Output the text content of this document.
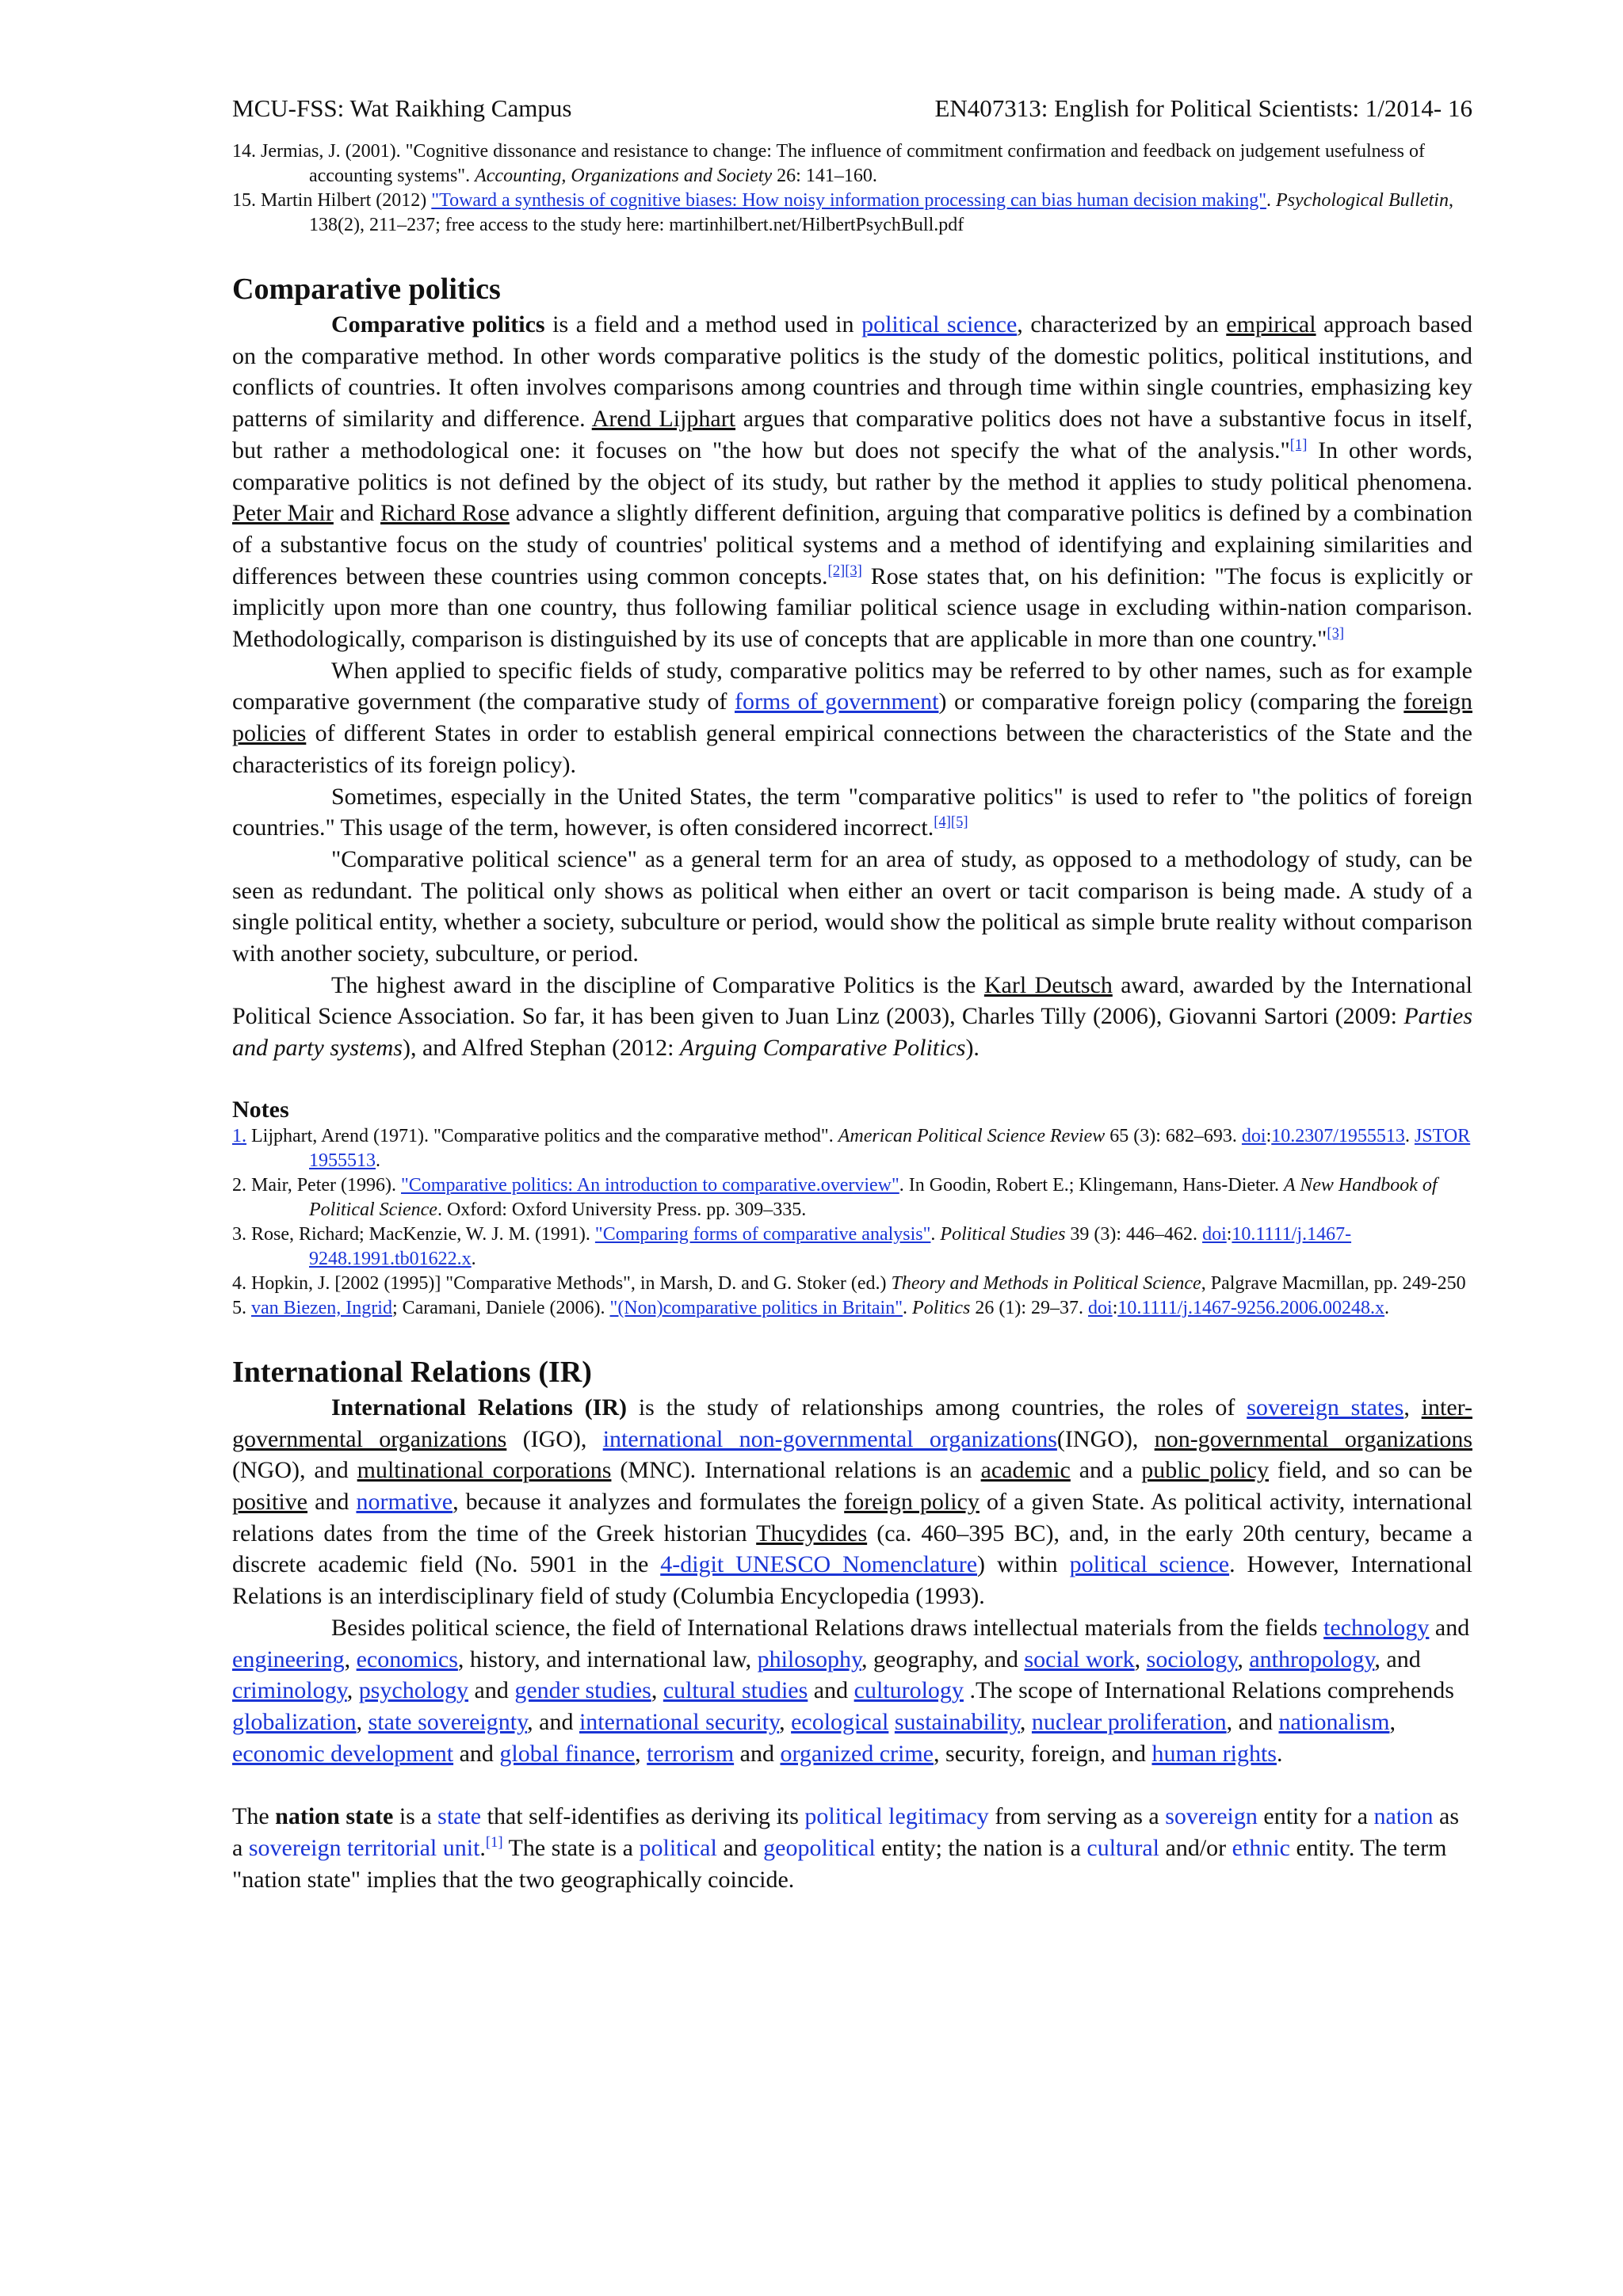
MCU-FSS: Wat Raikhing Campus	EN407313: English for Political Scientists: 1/2014- 16

14. Jermias, J. (2001). "Cognitive dissonance and resistance to change: The influence of commitment confirmation and feedback on judgement usefulness of accounting systems". Accounting, Organizations and Society 26: 141–160.

15. Martin Hilbert (2012) "Toward a synthesis of cognitive biases: How noisy information processing can bias human decision making". Psychological Bulletin, 138(2), 211–237; free access to the study here: martinhilbert.net/HilbertPsychBull.pdf

Comparative politics

Comparative politics is a field and a method used in political science, characterized by an empirical approach based on the comparative method. In other words comparative politics is the study of the domestic politics, political institutions, and conflicts of countries. It often involves comparisons among countries and through time within single countries, emphasizing key patterns of similarity and difference. Arend Lijphart argues that comparative politics does not have a substantive focus in itself, but rather a methodological one: it focuses on "the how but does not specify the what of the analysis."[1] In other words, comparative politics is not defined by the object of its study, but rather by the method it applies to study political phenomena. Peter Mair and Richard Rose advance a slightly different definition, arguing that comparative politics is defined by a combination of a substantive focus on the study of countries' political systems and a method of identifying and explaining similarities and differences between these countries using common concepts.[2][3] Rose states that, on his definition: "The focus is explicitly or implicitly upon more than one country, thus following familiar political science usage in excluding within-nation comparison. Methodologically, comparison is distinguished by its use of concepts that are applicable in more than one country."[3]

When applied to specific fields of study, comparative politics may be referred to by other names, such as for example comparative government (the comparative study of forms of government) or comparative foreign policy (comparing the foreign policies of different States in order to establish general empirical connections between the characteristics of the State and the characteristics of its foreign policy).

Sometimes, especially in the United States, the term "comparative politics" is used to refer to "the politics of foreign countries." This usage of the term, however, is often considered incorrect.[4][5]

"Comparative political science" as a general term for an area of study, as opposed to a methodology of study, can be seen as redundant. The political only shows as political when either an overt or tacit comparison is being made. A study of a single political entity, whether a society, subculture or period, would show the political as simple brute reality without comparison with another society, subculture, or period.

The highest award in the discipline of Comparative Politics is the Karl Deutsch award, awarded by the International Political Science Association. So far, it has been given to Juan Linz (2003), Charles Tilly (2006), Giovanni Sartori (2009: Parties and party systems), and Alfred Stephan (2012: Arguing Comparative Politics).

Notes

1. Lijphart, Arend (1971). "Comparative politics and the comparative method". American Political Science Review 65 (3): 682–693. doi:10.2307/1955513. JSTOR 1955513.

2. Mair, Peter (1996). "Comparative politics: An introduction to comparative.overview". In Goodin, Robert E.; Klingemann, Hans-Dieter. A New Handbook of Political Science. Oxford: Oxford University Press. pp. 309–335.

3. Rose, Richard; MacKenzie, W. J. M. (1991). "Comparing forms of comparative analysis". Political Studies 39 (3): 446–462. doi:10.1111/j.1467-9248.1991.tb01622.x.

4. Hopkin, J. [2002 (1995)] "Comparative Methods", in Marsh, D. and G. Stoker (ed.) Theory and Methods in Political Science, Palgrave Macmillan, pp. 249-250

5. van Biezen, Ingrid; Caramani, Daniele (2006). "(Non)comparative politics in Britain". Politics 26 (1): 29–37. doi:10.1111/j.1467-9256.2006.00248.x.

International Relations (IR)

International Relations (IR) is the study of relationships among countries, the roles of sovereign states, inter-governmental organizations (IGO), international non-governmental organizations(INGO), non-governmental organizations (NGO), and multinational corporations (MNC). International relations is an academic and a public policy field, and so can be positive and normative, because it analyzes and formulates the foreign policy of a given State. As political activity, international relations dates from the time of the Greek historian Thucydides (ca. 460–395 BC), and, in the early 20th century, became a discrete academic field (No. 5901 in the 4-digit UNESCO Nomenclature) within political science. However, International Relations is an interdisciplinary field of study (Columbia Encyclopedia (1993).

Besides political science, the field of International Relations draws intellectual materials from the fields technology and engineering, economics, history, and international law, philosophy, geography, and social work, sociology, anthropology, and criminology, psychology and gender studies, cultural studies and culturology .The scope of International Relations comprehends globalization, state sovereignty, and international security, ecological sustainability, nuclear proliferation, and nationalism, economic development and global finance, terrorism and organized crime, security, foreign, and human rights.

The nation state is a state that self-identifies as deriving its political legitimacy from serving as a sovereign entity for a nation as a sovereign territorial unit.[1] The state is a political and geopolitical entity; the nation is a cultural and/or ethnic entity. The term "nation state" implies that the two geographically coincide.
